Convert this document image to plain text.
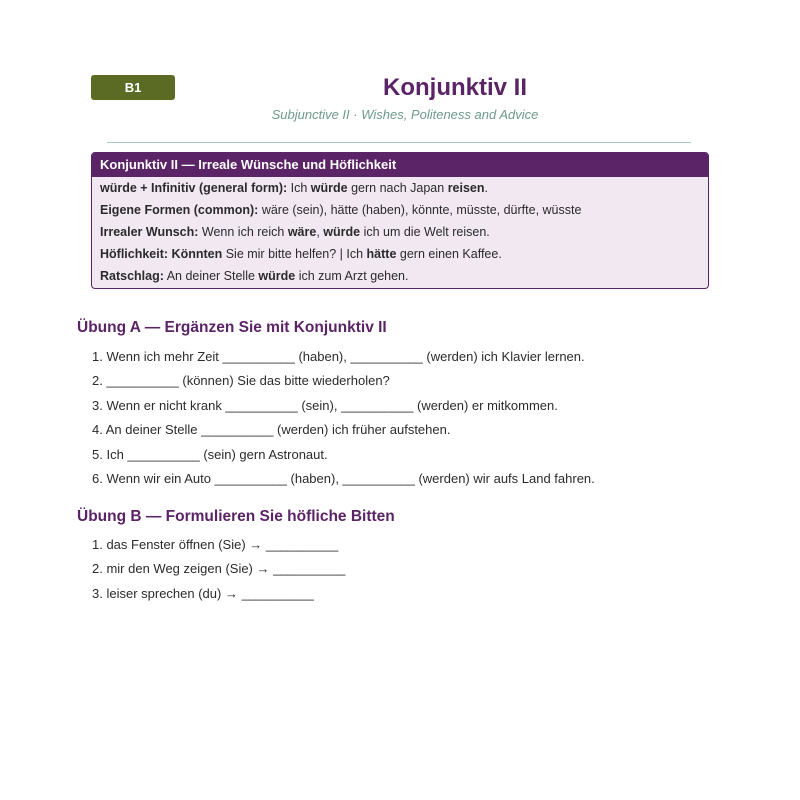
B1	Konjunktiv II

Subjunctive II · Wishes, Politeness and Advice

Konjunktiv II — Irreale Wünsche und Höflichkeit
würde + Infinitiv (general form): Ich würde gern nach Japan reisen.
Eigene Formen (common): wäre (sein), hätte (haben), könnte, müsste, dürfte, wüsste
Irrealer Wunsch: Wenn ich reich wäre, würde ich um die Welt reisen.
Höflichkeit: Könnten Sie mir bitte helfen? | Ich hätte gern einen Kaffee.
Ratschlag: An deiner Stelle würde ich zum Arzt gehen.
Übung A — Ergänzen Sie mit Konjunktiv II
1. Wenn ich mehr Zeit __________ (haben), __________ (werden) ich Klavier lernen.
2. __________ (können) Sie das bitte wiederholen?
3. Wenn er nicht krank __________ (sein), __________ (werden) er mitkommen.
4. An deiner Stelle __________ (werden) ich früher aufstehen.
5. Ich __________ (sein) gern Astronaut.
6. Wenn wir ein Auto __________ (haben), __________ (werden) wir aufs Land fahren.
Übung B — Formulieren Sie höfliche Bitten
1. das Fenster öffnen (Sie) → __________
2. mir den Weg zeigen (Sie) → __________
3. leiser sprechen (du) → __________
